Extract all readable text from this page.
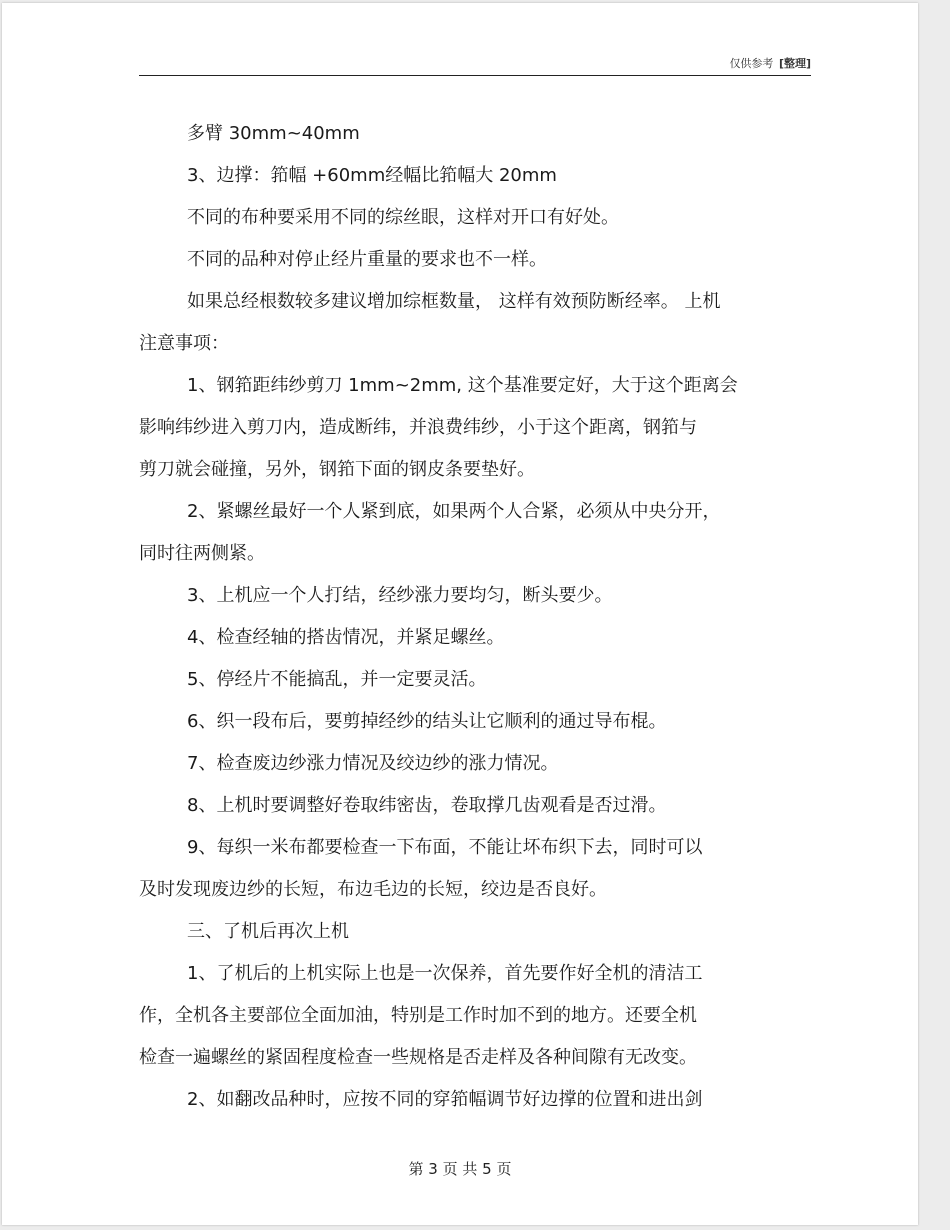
仅供参考 [整理]

多臂 30mm~40mm

3、边撑：筘幅 +60mm经幅比筘幅大 20mm

不同的布种要采用不同的综丝眼，这样对开口有好处。

不同的品种对停止经片重量的要求也不一样。

如果总经根数较多建议增加综框数量， 这样有效预防断经率。 上机
注意事项：

1、钢筘距纬纱剪刀 1mm~2mm, 这个基准要定好，大于这个距离会
影响纬纱进入剪刀内，造成断纬，并浪费纬纱，小于这个距离，钢筘与
剪刀就会碰撞，另外，钢筘下面的钢皮条要垫好。

2、紧螺丝最好一个人紧到底，如果两个人合紧，必须从中央分开，
同时往两侧紧。

3、上机应一个人打结，经纱涨力要均匀，断头要少。

4、检查经轴的搭齿情况，并紧足螺丝。

5、停经片不能搞乱，并一定要灵活。

6、织一段布后，要剪掉经纱的结头让它顺利的通过导布棍。

7、检查废边纱涨力情况及绞边纱的涨力情况。

8、上机时要调整好卷取纬密齿，卷取撑几齿观看是否过滑。

9、每织一米布都要检查一下布面，不能让坏布织下去，同时可以
及时发现废边纱的长短，布边毛边的长短，绞边是否良好。

三、了机后再次上机

1、了机后的上机实际上也是一次保养，首先要作好全机的清洁工
作，全机各主要部位全面加油，特别是工作时加不到的地方。还要全机
检查一遍螺丝的紧固程度检查一些规格是否走样及各种间隙有无改变。

2、如翻改品种时，应按不同的穿筘幅调节好边撑的位置和进出剑

第 3 页 共 5 页
